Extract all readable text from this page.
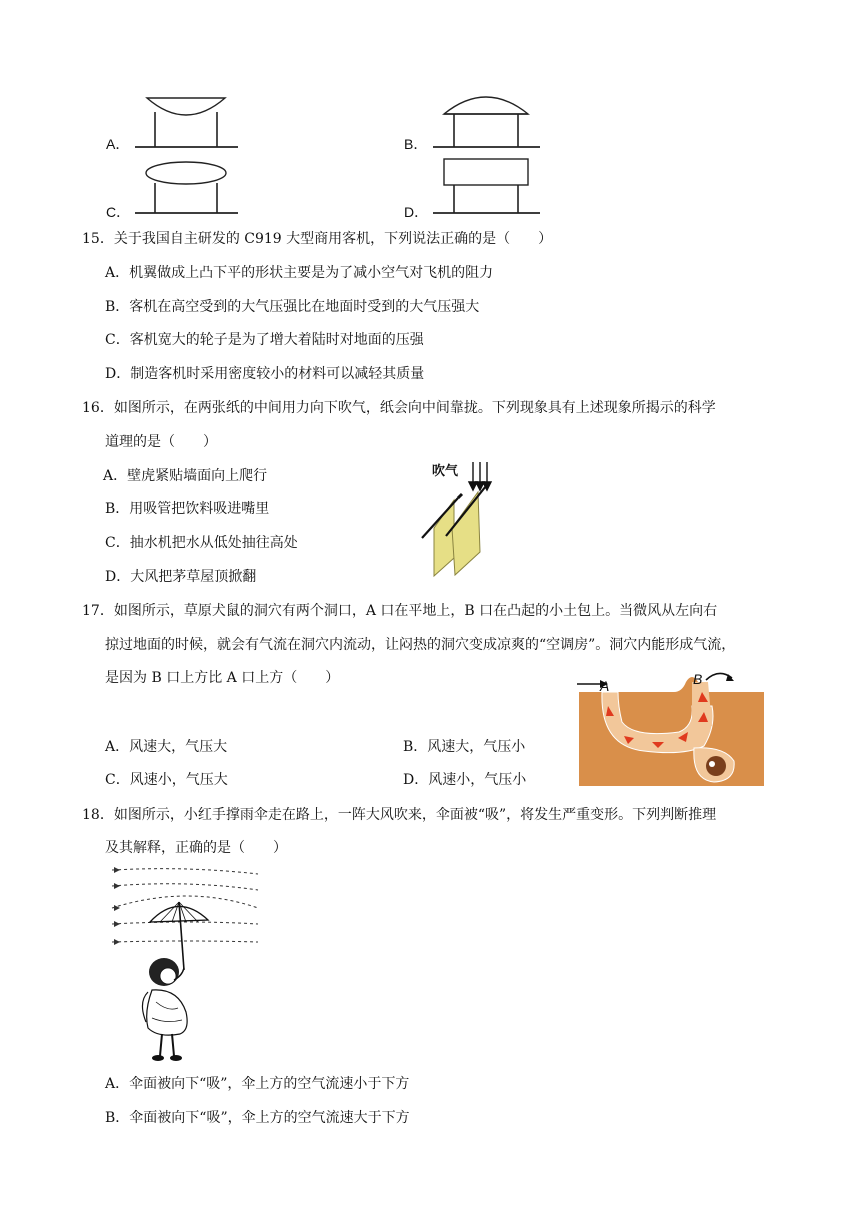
A．	B．
C．	D．
15．关于我国自主研发的 C919 大型商用客机，下列说法正确的是（　　）
A．机翼做成上凸下平的形状主要是为了减小空气对飞机的阻力
B．客机在高空受到的大气压强比在地面时受到的大气压强大
C．客机宽大的轮子是为了增大着陆时对地面的压强
D．制造客机时采用密度较小的材料可以减轻其质量
16．如图所示，在两张纸的中间用力向下吹气，纸会向中间靠拢。下列现象具有上述现象所揭示的科学
道理的是（　　）
A．壁虎紧贴墙面向上爬行
B．用吸管把饮料吸进嘴里
C．抽水机把水从低处抽往高处
D．大风把茅草屋顶掀翻
吹气
17．如图所示，草原犬鼠的洞穴有两个洞口，A 口在平地上，B 口在凸起的小土包上。当微风从左向右
掠过地面的时候，就会有气流在洞穴内流动，让闷热的洞穴变成凉爽的“空调房”。洞穴内能形成气流，
是因为 B 口上方比 A 口上方（　　）
A．风速大，气压大	B．风速大，气压小
C．风速小，气压大	D．风速小，气压小
A	B
18．如图所示，小红手撑雨伞走在路上，一阵大风吹来，伞面被“吸”，将发生严重变形。下列判断推理
及其解释，正确的是（　　）
A．伞面被向下“吸”，伞上方的空气流速小于下方
B．伞面被向下“吸”，伞上方的空气流速大于下方
